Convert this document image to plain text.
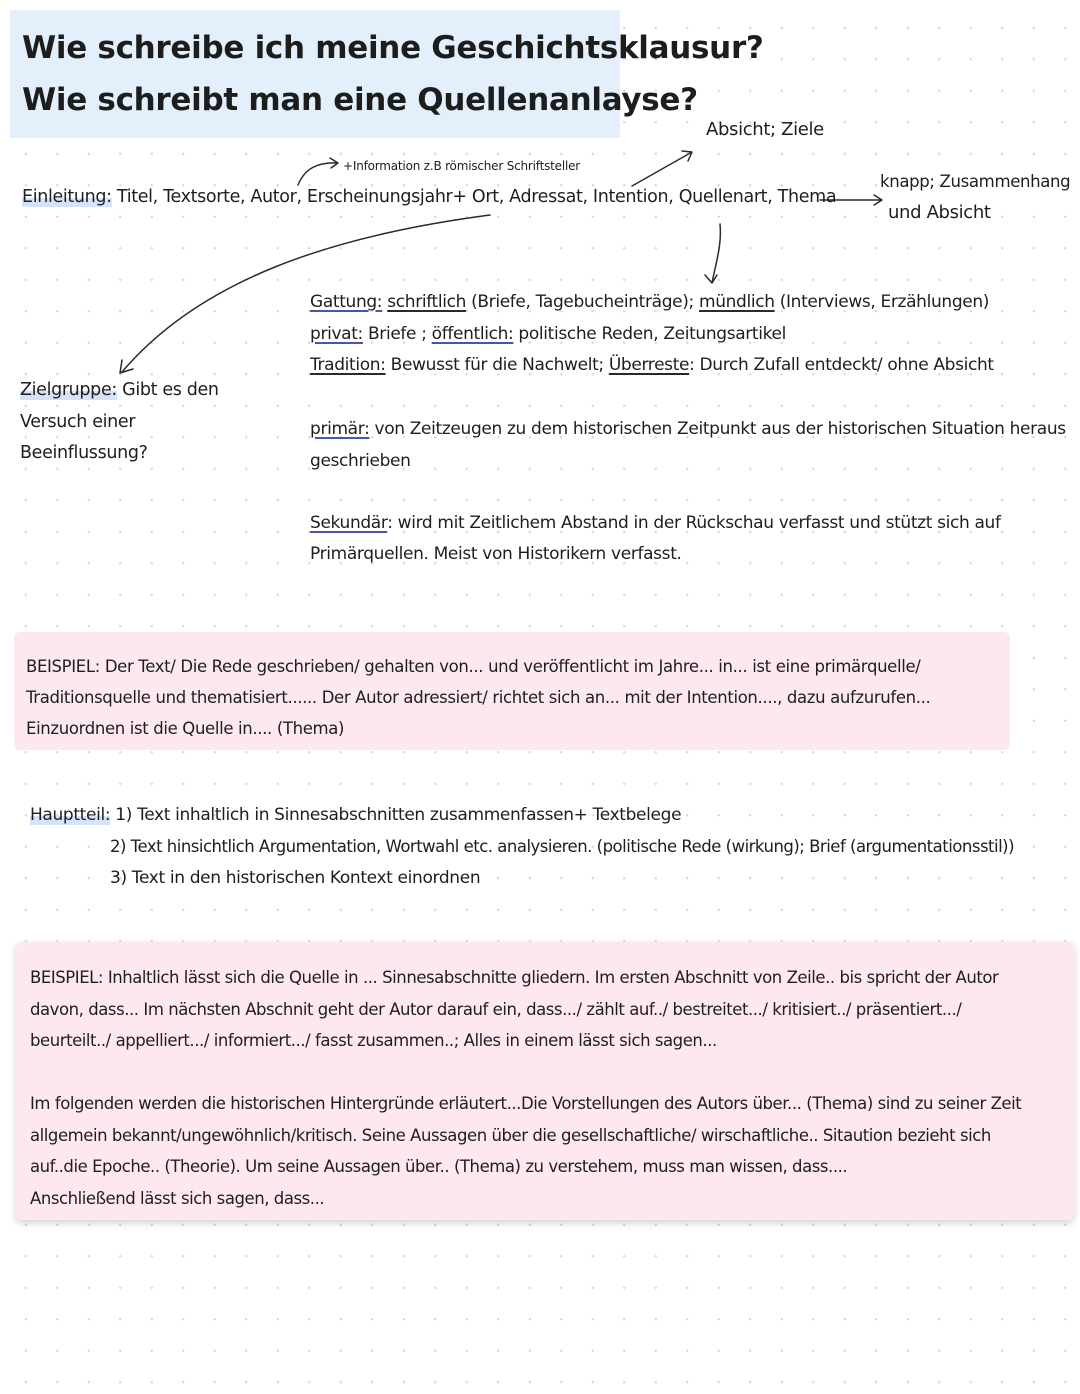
Wie schreibe ich meine Geschichtsklausur?
Wie schreibt man eine Quellenanlayse?
Absicht; Ziele
+Information z.B römischer Schriftsteller
knapp; Zusammenhang
und Absicht
Einleitung: Titel, Textsorte, Autor, Erscheinungsjahr+ Ort, Adressat, Intention, Quellenart, Thema
Zielgruppe: Gibt es den
Versuch einer
Beeinflussung?
Gattung: schriftlich (Briefe, Tagebucheinträge); mündlich (Interviews, Erzählungen)
privat: Briefe ; öffentlich: politische Reden, Zeitungsartikel
Tradition: Bewusst für die Nachwelt; Überreste: Durch Zufall entdeckt/ ohne Absicht
primär: von Zeitzeugen zu dem historischen Zeitpunkt aus der historischen Situation heraus
geschrieben
Sekundär: wird mit Zeitlichem Abstand in der Rückschau verfasst und stützt sich auf
Primärquellen. Meist von Historikern verfasst.
BEISPIEL: Der Text/ Die Rede geschrieben/ gehalten von... und veröffentlicht im Jahre... in... ist eine primärquelle/
Traditionsquelle und thematisiert...... Der Autor adressiert/ richtet sich an... mit der Intention...., dazu aufzurufen...
Einzuordnen ist die Quelle in.... (Thema)
Hauptteil: 1) Text inhaltlich in Sinnesabschnitten zusammenfassen+ Textbelege
2) Text hinsichtlich Argumentation, Wortwahl etc. analysieren. (politische Rede (wirkung); Brief (argumentationsstil))
3) Text in den historischen Kontext einordnen
BEISPIEL: Inhaltlich lässt sich die Quelle in ... Sinnesabschnitte gliedern. Im ersten Abschnitt von Zeile.. bis spricht der Autor
davon, dass... Im nächsten Abschnit geht der Autor darauf ein, dass.../ zählt auf../ bestreitet.../ kritisiert../ präsentiert.../
beurteilt../ appelliert.../ informiert.../ fasst zusammen..; Alles in einem lässt sich sagen...
Im folgenden werden die historischen Hintergründe erläutert...Die Vorstellungen des Autors über... (Thema) sind zu seiner Zeit
allgemein bekannt/ungewöhnlich/kritisch. Seine Aussagen über die gesellschaftliche/ wirschaftliche.. Sitaution bezieht sich
auf..die Epoche.. (Theorie). Um seine Aussagen über.. (Thema) zu verstehem, muss man wissen, dass....
Anschließend lässt sich sagen, dass...
